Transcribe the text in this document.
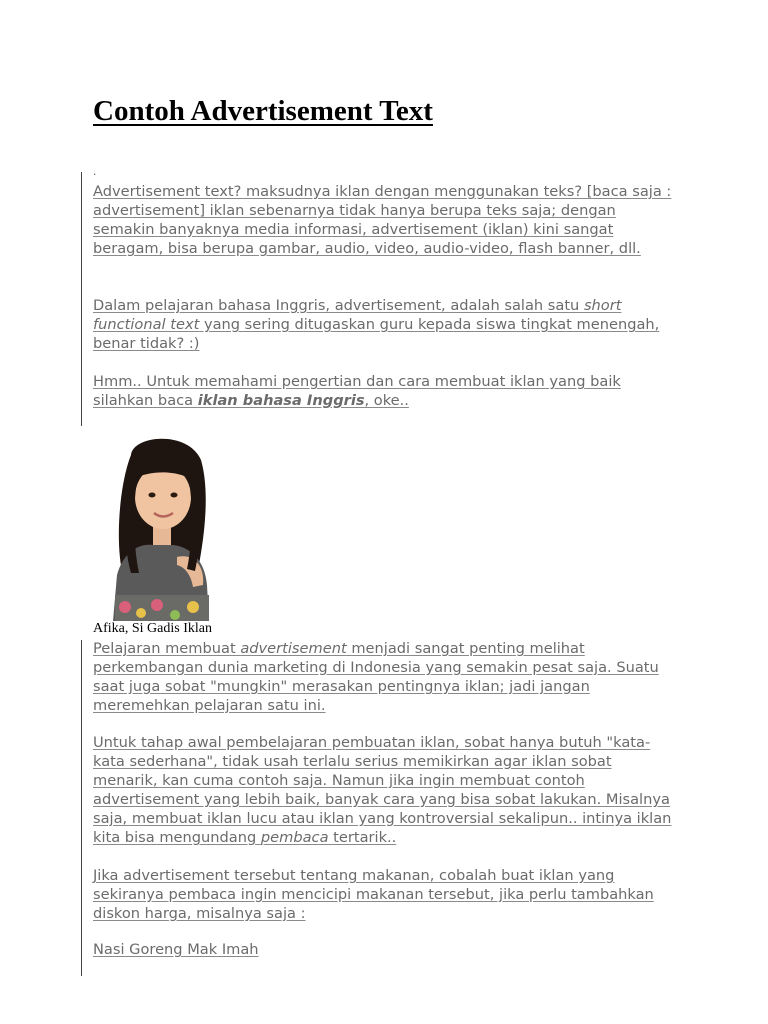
Contoh Advertisement Text
.

Advertisement text? maksudnya iklan dengan menggunakan teks? [baca saja : advertisement] iklan sebenarnya tidak hanya berupa teks saja; dengan semakin banyaknya media informasi, advertisement (iklan) kini sangat beragam, bisa berupa gambar, audio, video, audio-video, flash banner, dll.

Dalam pelajaran bahasa Inggris, advertisement, adalah salah satu short functional text yang sering ditugaskan guru kepada siswa tingkat menengah, benar tidak? :)

Hmm.. Untuk memahami pengertian dan cara membuat iklan yang baik silahkan baca iklan bahasa Inggris, oke..

Afika, Si Gadis Iklan

Pelajaran membuat advertisement menjadi sangat penting melihat perkembangan dunia marketing di Indonesia yang semakin pesat saja. Suatu saat juga sobat "mungkin" merasakan pentingnya iklan; jadi jangan meremehkan pelajaran satu ini.

Untuk tahap awal pembelajaran pembuatan iklan, sobat hanya butuh "kata-kata sederhana", tidak usah terlalu serius memikirkan agar iklan sobat menarik, kan cuma contoh saja. Namun jika ingin membuat contoh advertisement yang lebih baik, banyak cara yang bisa sobat lakukan. Misalnya saja, membuat iklan lucu atau iklan yang kontroversial sekalipun.. intinya iklan kita bisa mengundang pembaca tertarik..

Jika advertisement tersebut tentang makanan, cobalah buat iklan yang sekiranya pembaca ingin mencicipi makanan tersebut, jika perlu tambahkan diskon harga, misalnya saja :

Nasi Goreng Mak Imah
